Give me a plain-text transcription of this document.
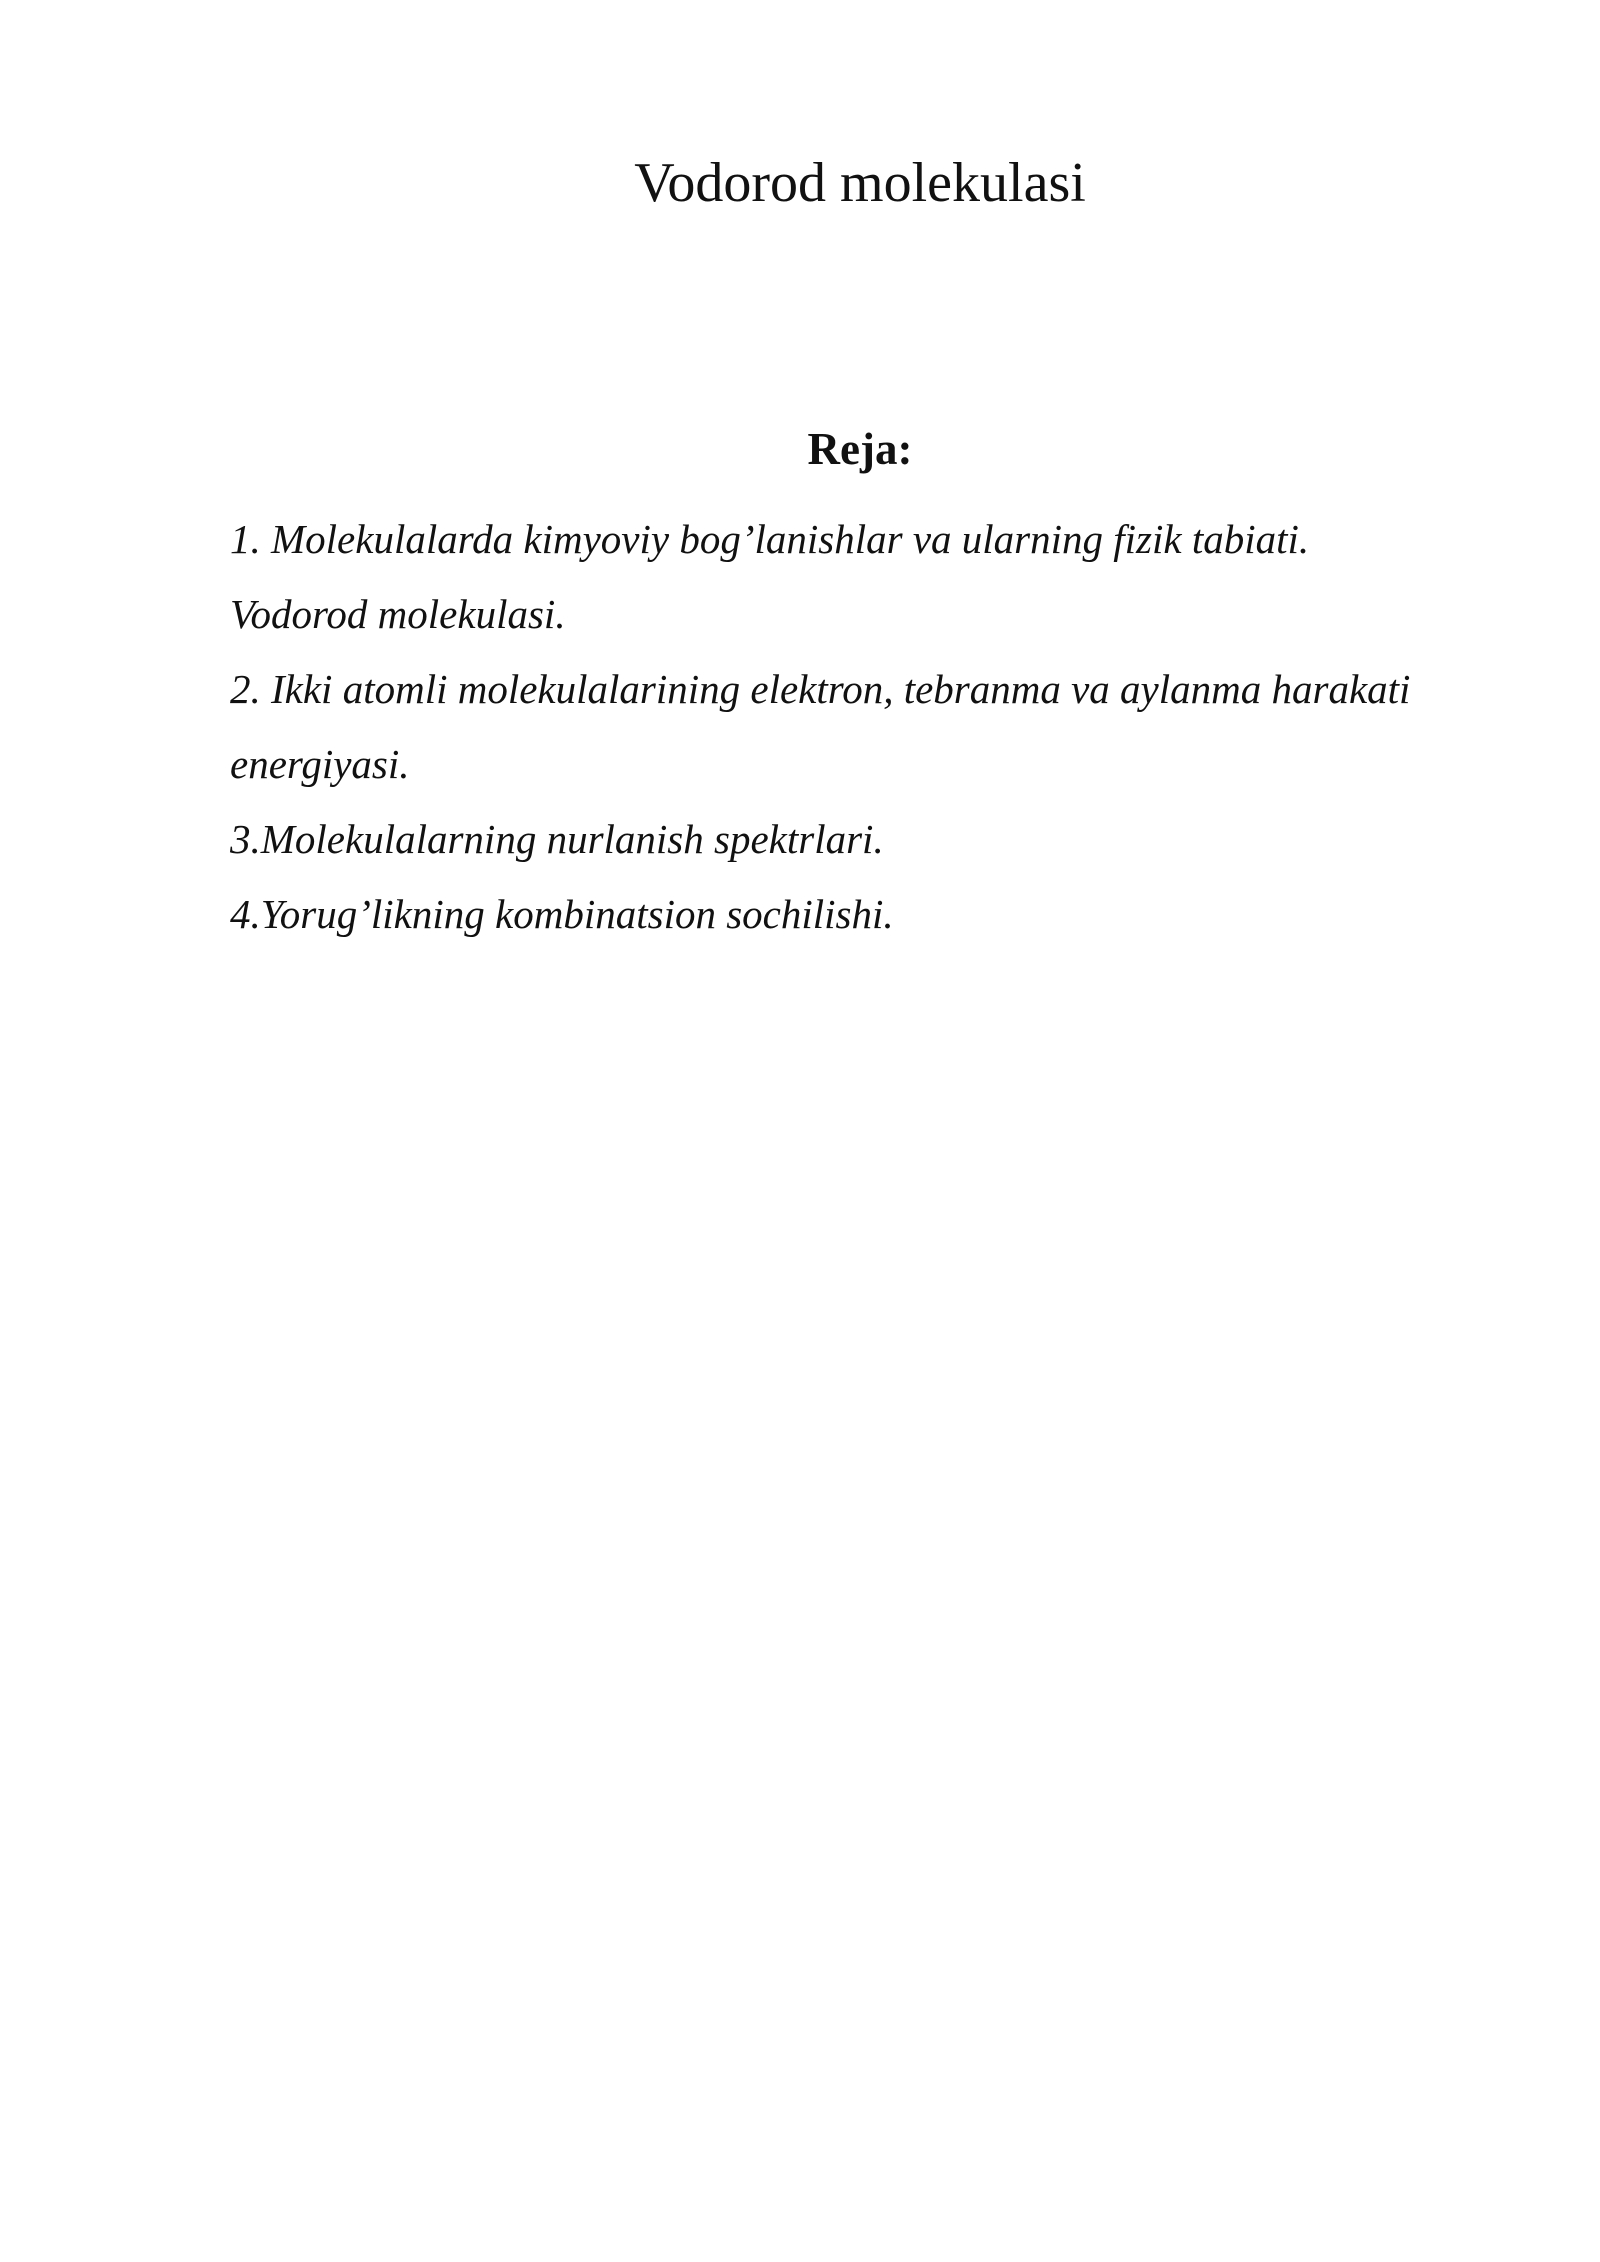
Vodorod molekulasi
Reja:
1. Molekulalarda kimyoviy bog’lanishlar va ularning fizik tabiati.
Vodorod molekulasi.
2. Ikki atomli molekulalarining elektron, tebranma va aylanma harakati
energiyasi.
3.Molekulalarning nurlanish spektrlari.
4.Yorug’likning kombinatsion sochilishi.
